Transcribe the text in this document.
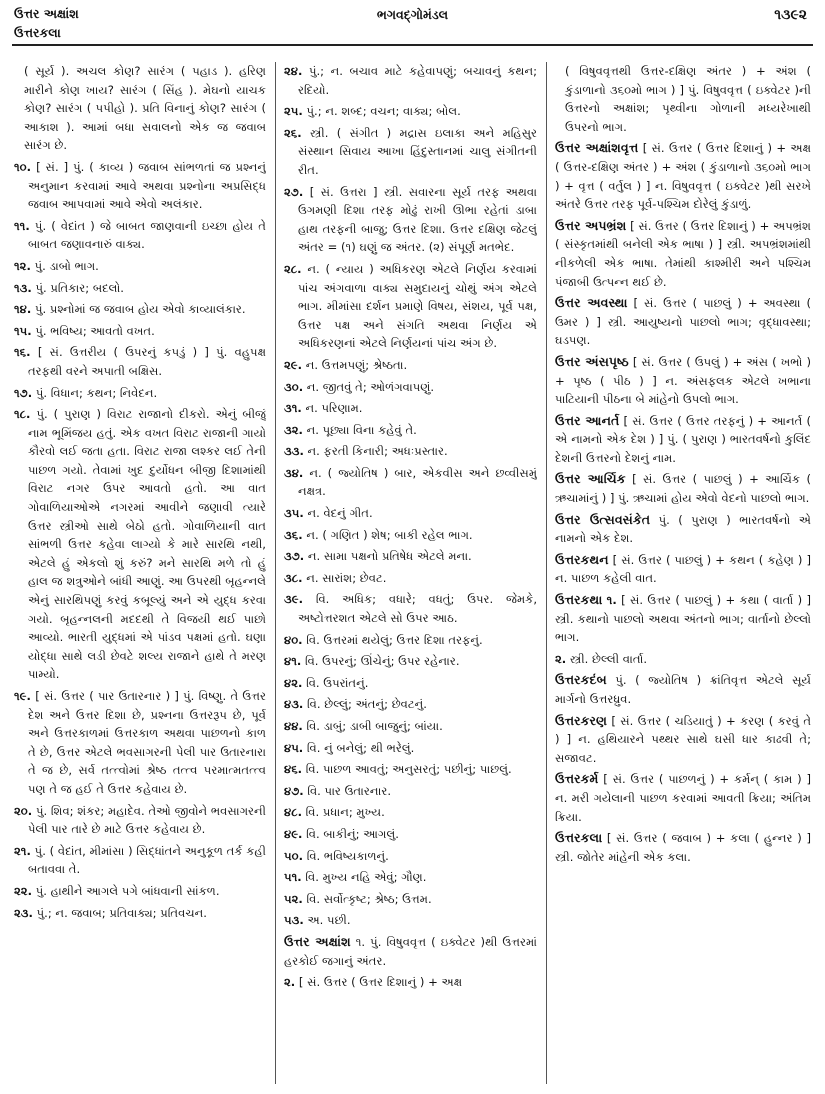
ઉત્તર અક્ષાંશ
ઉત્તરકલા
ભગવદ્ગોમંડલ	૧૩૯૨
( સૂર્ય ). અચલ કોણ? સારંગ ( પહાડ ). હરિણ મારીને કોણ ખાય? સારંગ ( સિંહ ). મેઘનો યાચક કોણ? સારંગ ( પપીહો ). પ્રતિ વિનાનું કોણ? સારંગ ( આકાશ ). આમાં બધા સવાલનો એક જ જવાબ સારંગ છે.
૧૦. [ સં. ] પું. ( કાવ્ય ) જવાબ સાંભળતાં જ પ્રશ્નનું અનુમાન કરવામાં આવે અથવા પ્રશ્નોના અપ્રસિદ્ધ જવાબ આપવામાં આવે એવો અલંકાર.
૧૧. પું. ( વેદાંત ) જે બાબત જાણવાની ઇચ્છા હોય તે બાબત જણાવનારું વાક્ય.
૧૨. પું. ડાબો ભાગ.
૧૩. પું. પ્રતિકાર; બદલો.
૧૪. પું. પ્રશ્નોમાં જ જવાબ હોય એવો કાવ્યાલંકાર.
૧૫. પું. ભવિષ્ય; આવતો વખત.
૧૬. [ સં. ઉત્તરીય ( ઉપરનું કપડું ) ] પું. વહુપક્ષ તરફથી વરને અપાતી બક્ષિસ.
૧૭. પું. વિધાન; કથન; નિવેદન.
૧૮. પું. ( પુરાણ ) વિરાટ રાજાનો દીકરો. એનું બીજું નામ ભૂમિંજય હતું. એક વખત વિરાટ રાજાની ગાયો કૌરવો લઈ જતા હતા. વિરાટ રાજા લશ્કર લઈ તેની પાછળ ગયો. તેવામાં ખુદ દુર્યોધન બીજી દિશામાંથી વિરાટ નગર ઉપર આવતો હતો. આ વાત ગોવાળિયાઓએ નગરમાં આવીને જણાવી ત્યારે ઉત્તર સ્ત્રીઓ સાથે બેઠો હતો. ગોવાળિયાની વાત સાંભળી ઉત્તર કહેવા લાગ્યો કે મારે સારથિ નથી, એટલે હું એકલો શું કરું? મને સારથિ મળે તો હું હાલ જ શત્રુઓને બાંધી આણું. આ ઉપરથી બૃહન્નલે એનું સારથિપણું કરવું કબૂલ્યું અને એ યુદ્ધ કરવા ગયો. બૃહન્નલની મદદથી તે વિજયી થઈ પાછો આવ્યો. ભારતી યુદ્ધમાં એ પાંડવ પક્ષમાં હતો. ઘણા યોદ્ધા સાથે લડી છેવટે શલ્ય રાજાને હાથે તે મરણ પામ્યો.
૧૯. [ સં. ઉત્તર ( પાર ઉતારનાર ) ] પું. વિષ્ણુ. તે ઉત્તર દેશ અને ઉત્તર દિશા છે, પ્રશ્નના ઉત્તરરૂપ છે, પૂર્વ અને ઉત્તરકાળમાં ઉત્તરકાળ અથવા પાછળનો કાળ તે છે, ઉત્તર એટલે ભવસાગરની પેલી પાર ઉતારનારા તે જ છે, સર્વ તત્ત્વોમાં શ્રેષ્ઠ તત્ત્વ પરમાત્મતત્ત્વ પણ તે જ હઈ તે ઉત્તર કહેવાય છે.
૨૦. પું. શિવ; શંકર; મહાદેવ. તેઓ જીવોને ભવસાગરની પેલી પાર તારે છે માટે ઉત્તર કહેવાય છે.
૨૧. પું. ( વેદાંત, મીમાંસા ) સિદ્ધાંતને અનુકૂળ તર્ક કહી બતાવવા તે.
૨૨. પું. હાથીને આગલે પગે બાંધવાની સાંકળ.
૨૩. પું.; ન. જવાબ; પ્રતિવાક્ય; પ્રતિવચન.
૨૪. પું.; ન. બચાવ માટે કહેવાપણું; બચાવનું કથન; રદિયો.
૨૫. પું.; ન. શબ્દ; વચન; વાક્ય; બોલ.
૨૬. સ્ત્રી. ( સંગીત ) મદ્રાસ ઇલાકા અને મહિસુર સંસ્થાન સિવાય આખા હિંદુસ્તાનમાં ચાલુ સંગીતની રીત.
૨૭. [ સં. ઉત્તરા ] સ્ત્રી. સવારના સૂર્ય તરફ અથવા ઉગમણી દિશા તરફ મોઢું રાખી ઊભા રહેતાં ડાબા હાથ તરફની બાજુ; ઉત્તર દિશા. ઉત્તર દક્ષિણ જેટલું અંતર = (૧) ઘણું જ અંતર. (૨) સંપૂર્ણ મતભેદ.
૨૮. ન. ( ન્યાય ) અધિકરણ એટલે નિર્ણય કરવામાં પાંચ અંગવાળા વાક્ય સમુદાયનું ચોથું અંગ એટલે ભાગ. મીમાંસા દર્શન પ્રમાણે વિષય, સંશય, પૂર્વ પક્ષ, ઉત્તર પક્ષ અને સંગતિ અથવા નિર્ણય એ અધિકરણનાં એટલે નિર્ણયનાં પાંચ અંગ છે.
૨૯. ન. ઉત્તમપણું; શ્રેષ્ઠતા.
૩૦. ન. જીતવું તે; ઓળંગવાપણું.
૩૧. ન. પરિણામ.
૩૨. ન. પૂછ્યા વિના કહેવું તે.
૩૩. ન. ફરતી કિનારી; અધઃપ્રસ્તાર.
૩૪. ન. ( જ્યોતિષ ) બાર, એકવીસ અને છવ્વીસમું નક્ષત્ર.
૩૫. ન. વેદનું ગીત.
૩૬. ન. ( ગણિત ) શેષ; બાકી રહેલ ભાગ.
૩૭. ન. સામા પક્ષનો પ્રતિષેધ એટલે મના.
૩૮. ન. સારાંશ; છેવટ.
૩૯. વિ. અધિક; વધારે; વધતું; ઉપર. જેમકે, અષ્ટોત્તરશત એટલે સો ઉપર આઠ.
૪૦. વિ. ઉત્તરમાં થયેલું; ઉત્તર દિશા તરફનું.
૪૧. વિ. ઉપરનું; ઊંચેનું; ઉપર રહેનાર.
૪૨. વિ. ઉપરાંતનું.
૪૩. વિ. છેલ્લું; અંતનું; છેવટનું.
૪૪. વિ. ડાબું; ડાબી બાજુનું; બાંયા.
૪૫. વિ. નું બનેલું; થી ભરેલું.
૪૬. વિ. પાછળ આવતું; અનુસરતું; પછીનું; પાછલું.
૪૭. વિ. પાર ઉતારનાર.
૪૮. વિ. પ્રધાન; મુખ્ય.
૪૯. વિ. બાકીનું; આગલું.
૫૦. વિ. ભવિષ્યકાળનું.
૫૧. વિ. મુખ્ય નહિ એવું; ગૌણ.
૫૨. વિ. સર્વોત્કૃષ્ટ; શ્રેષ્ઠ; ઉત્તમ.
૫૩. અ. પછી.
ઉત્તર અક્ષાંશ ૧. પું. વિષુવવૃત્ત ( ઇક્વેટર )થી ઉત્તરમાં હરકોઈ જગાનું અંતર.
૨. [ સં. ઉત્તર ( ઉત્તર દિશાનું ) + અક્ષ
( વિષુવવૃત્તથી ઉત્તર-દક્ષિણ અંતર ) + અંશ ( કુંડાળાનો ૩૬૦મો ભાગ ) ] પું. વિષુવવૃત્ત ( ઇક્વેટર )ની ઉત્તરનો અક્ષાંશ; પૃથ્વીના ગોળાની મધ્યરેખાથી ઉપરનો ભાગ.
ઉત્તર અક્ષાંશવૃત્ત [ સં. ઉત્તર ( ઉત્તર દિશાનું ) + અક્ષ ( ઉત્તર-દક્ષિણ અંતર ) + અંશ ( કુંડાળાનો ૩૬૦મો ભાગ ) + વૃત્ત ( વર્તુલ ) ] ન. વિષુવવૃત્ત ( ઇક્વેટર )થી સરખે અંતરે ઉત્તર તરફ પૂર્વ-પશ્ચિમ દોરેલું કુંડાળું.
ઉત્તર અપભ્રંશ [ સં. ઉત્તર ( ઉત્તર દિશાનું ) + અપભ્રંશ ( સંસ્કૃતમાંથી બનેલી એક ભાષા ) ] સ્ત્રી. અપભ્રંશમાંથી નીકળેલી એક ભાષા. તેમાંથી કાશ્મીરી અને પશ્ચિમ પંજાબી ઉત્પન્ન થઈ છે.
ઉત્તર અવસ્થા [ સં. ઉત્તર ( પાછલું ) + અવસ્થા ( ઉમર ) ] સ્ત્રી. આયુષ્યનો પાછલો ભાગ; વૃદ્ધાવસ્થા; ઘડપણ.
ઉત્તર અંસપૃષ્ઠ [ સં. ઉત્તર ( ઉપલું ) + અંસ ( ખભો ) + પૃષ્ઠ ( પીઠ ) ] ન. અંસફલક એટલે ખભાના પાટિયાની પીઠના બે માંહેનો ઉપલો ભાગ.
ઉત્તર આનર્ત [ સં. ઉત્તર ( ઉત્તર તરફનું ) + આનર્ત ( એ નામનો એક દેશ ) ] પું. ( પુરાણ ) ભારતવર્ષનો કુલિંદ દેશની ઉત્તરનો દેશનું નામ.
ઉત્તર આર્ચિક [ સં. ઉત્તર ( પાછલું ) + આર્ચિક ( ઋચામાંનું ) ] પું. ઋચામાં હોય એવો વેદનો પાછલો ભાગ.
ઉત્તર ઉત્સવસંકેત પું. ( પુરાણ ) ભારતવર્ષનો એ નામનો એક દેશ.
ઉત્તરકથન [ સં. ઉત્તર ( પાછલું ) + કથન ( કહેણ ) ] ન. પાછળ કહેલી વાત.
ઉત્તરકથા ૧. [ સં. ઉત્તર ( પાછલું ) + કથા ( વાર્તા ) ] સ્ત્રી. કથાનો પાછલો અથવા અંતનો ભાગ; વાર્તાનો છેલ્લો ભાગ.
૨. સ્ત્રી. છેલ્લી વાર્તા.
ઉત્તરકદંબ પું. ( જ્યોતિષ ) ક્રાંતિવૃત્ત એટલે સૂર્ય માર્ગનો ઉત્તરધ્રુવ.
ઉત્તરકરણ [ સં. ઉત્તર ( ચડિયાતું ) + કરણ ( કરવું તે ) ] ન. હથિયારને પથ્થર સાથે ઘસી ધાર કાઢવી તે; સજાવટ.
ઉત્તરકર્મ [ સં. ઉત્તર ( પાછળનું ) + કર્મન્ ( કામ ) ] ન. મરી ગયેલાની પાછળ કરવામાં આવતી ક્રિયા; અંતિમ ક્રિયા.
ઉત્તરકલા [ સં. ઉત્તર ( જવાબ ) + કલા ( હુન્નર ) ] સ્ત્રી. જોતેર માંહેની એક કલા.
